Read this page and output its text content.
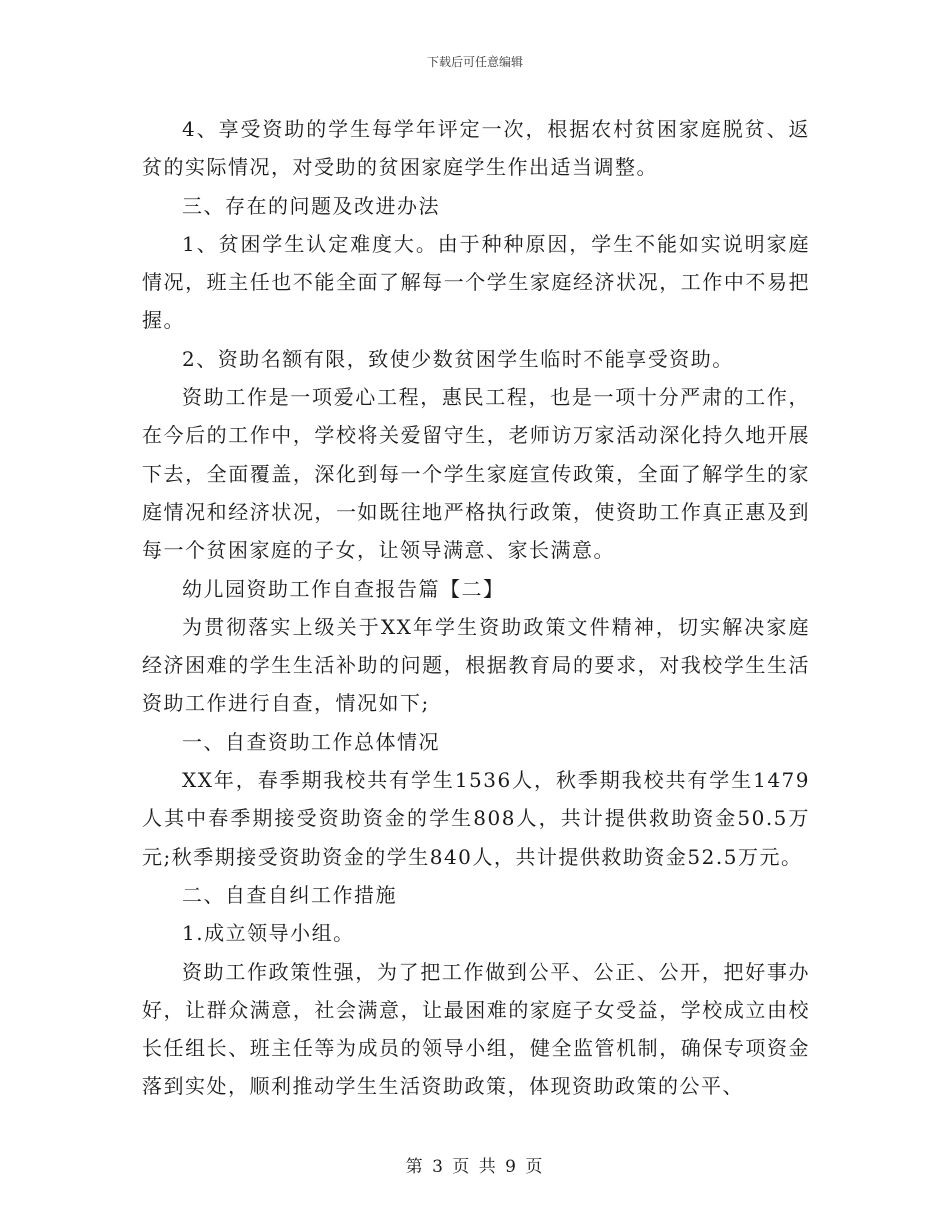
下载后可任意编辑

4、享受资助的学生每学年评定一次，根据农村贫困家庭脱贫、返贫的实际情况，对受助的贫困家庭学生作出适当调整。

三、存在的问题及改进办法

1、贫困学生认定难度大。由于种种原因，学生不能如实说明家庭情况，班主任也不能全面了解每一个学生家庭经济状况，工作中不易把握。

2、资助名额有限，致使少数贫困学生临时不能享受资助。

资助工作是一项爱心工程，惠民工程，也是一项十分严肃的工作，在今后的工作中，学校将关爱留守生，老师访万家活动深化持久地开展下去，全面覆盖，深化到每一个学生家庭宣传政策，全面了解学生的家庭情况和经济状况，一如既往地严格执行政策，使资助工作真正惠及到每一个贫困家庭的子女，让领导满意、家长满意。

幼儿园资助工作自查报告篇【二】

为贯彻落实上级关于XX年学生资助政策文件精神，切实解决家庭经济困难的学生生活补助的问题，根据教育局的要求，对我校学生生活资助工作进行自查，情况如下;

一、自查资助工作总体情况

XX年，春季期我校共有学生1536人，秋季期我校共有学生1479人其中春季期接受资助资金的学生808人，共计提供救助资金50.5万元;秋季期接受资助资金的学生840人，共计提供救助资金52.5万元。

二、自查自纠工作措施

1.成立领导小组。

资助工作政策性强，为了把工作做到公平、公正、公开，把好事办好，让群众满意，社会满意，让最困难的家庭子女受益，学校成立由校长任组长、班主任等为成员的领导小组，健全监管机制，确保专项资金落到实处，顺利推动学生生活资助政策，体现资助政策的公平、

第 3 页 共 9 页
